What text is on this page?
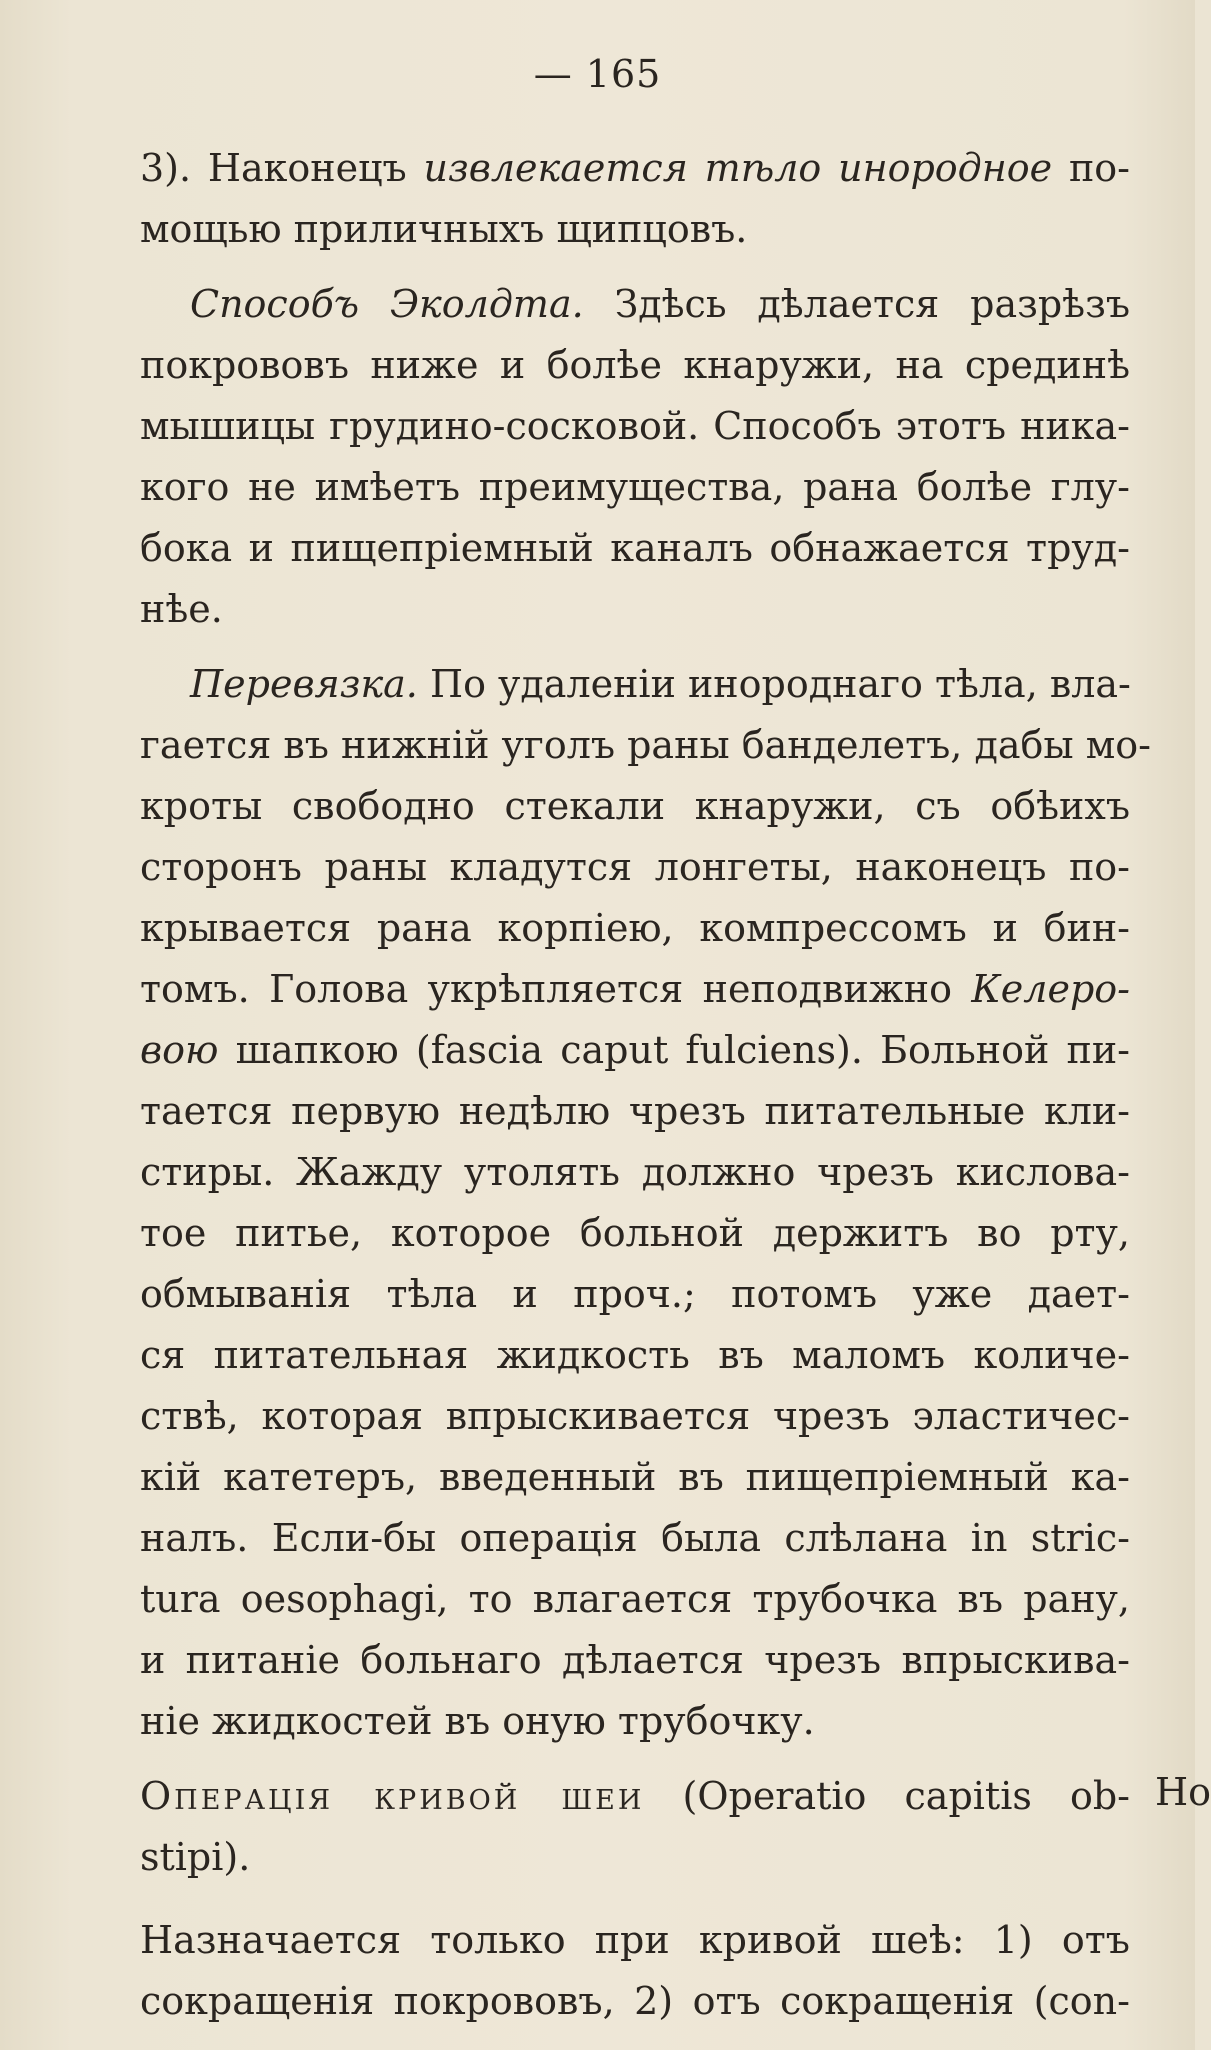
— 165
3). Наконецъ извлекается тѣло инородное по-
мощью приличныхъ щипцовъ.
Способъ Эколдта. Здѣсь дѣлается разрѣзъ
покрововъ ниже и болѣе кнаружи, на срединѣ
мышицы грудино-сосковой. Способъ этотъ ника-
кого не имѣетъ преимущества, рана болѣе глу-
бока и пищепріемный каналъ обнажается труд-
нѣе.
Перевязка. По удаленіи инороднаго тѣла, вла-
гается въ нижній уголъ раны банделетъ, дабы мо-
кроты свободно стекали кнаружи, съ обѣихъ
сторонъ раны кладутся лонгеты, наконецъ по-
крывается рана корпіею, компрессомъ и бин-
томъ. Голова укрѣпляется неподвижно Келеро-
вою шапкою (fascia caput fulciens). Больной пи-
тается первую недѣлю чрезъ питательные кли-
стиры. Жажду утолять должно чрезъ кислова-
тое питье, которое больной держитъ во рту,
обмыванія тѣла и проч.; потомъ уже дает-
ся питательная жидкость въ маломъ количе-
ствѣ, которая впрыскивается чрезъ эластичес-
кій катетеръ, введенный въ пищепріемный ка-
налъ. Если-бы операція была слѣлана in stric-
tura oesophagi, то влагается трубочка въ рану,
и питаніе больнаго дѣлается чрезъ впрыскива-
ніе жидкостей въ оную трубочку.
Операція кривой шеи (Operatio capitis ob-
stipi).
Назначается только при кривой шеѣ: 1) отъ
сокращенія покрововъ, 2) отъ сокращенія (con-
Ho
